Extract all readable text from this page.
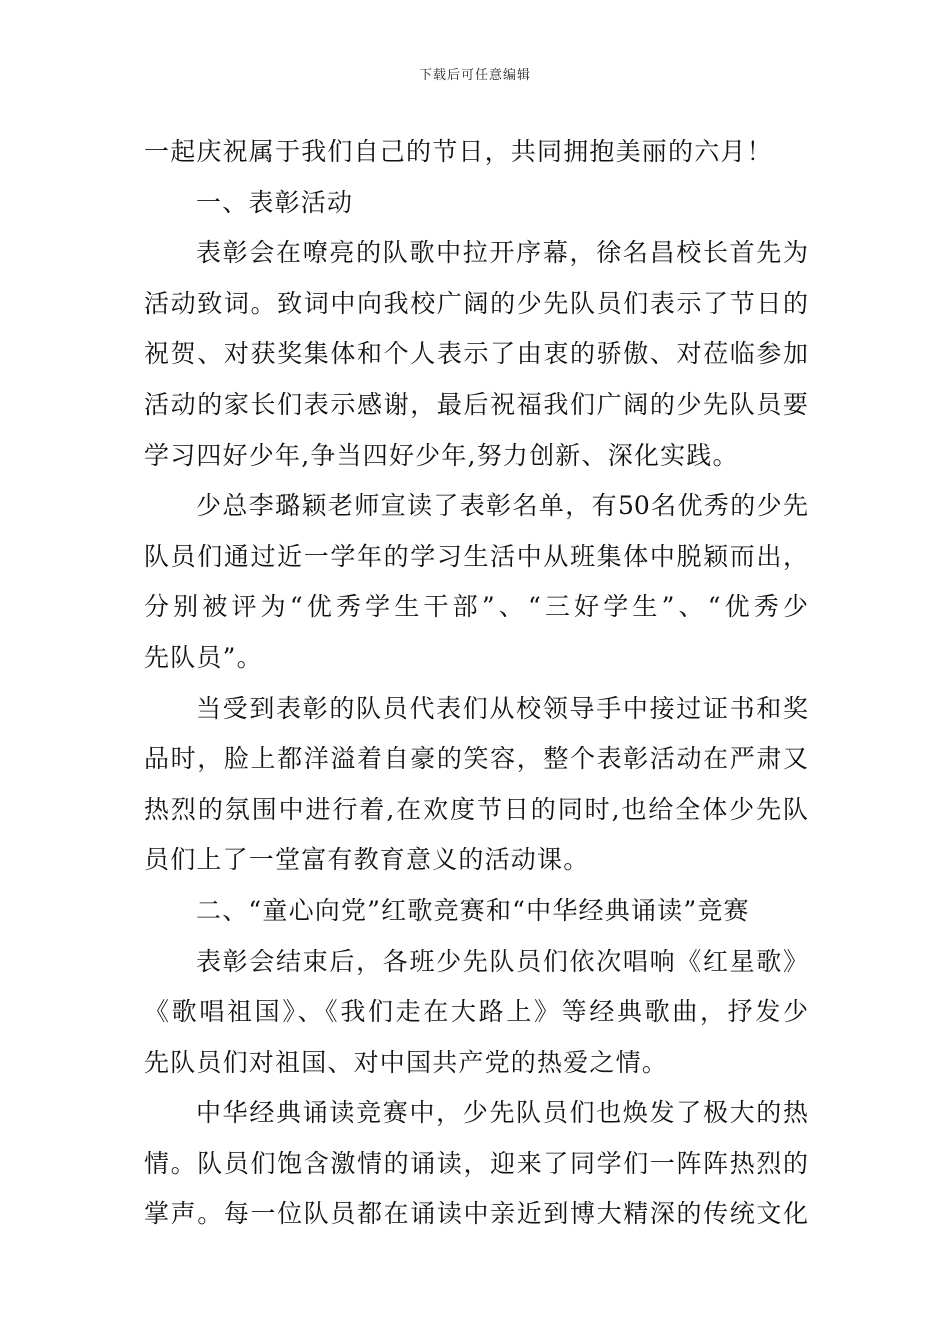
下载后可任意编辑
一起庆祝属于我们自己的节日，共同拥抱美丽的六月！
一、表彰活动
表彰会在嘹亮的队歌中拉开序幕，徐名昌校长首先为
活动致词。致词中向我校广阔的少先队员们表示了节日的
祝贺、对获奖集体和个人表示了由衷的骄傲、对莅临参加
活动的家长们表示感谢，最后祝福我们广阔的少先队员要
学习四好少年,争当四好少年,努力创新、深化实践。
少总李璐颖老师宣读了表彰名单，有50名优秀的少先
队员们通过近一学年的学习生活中从班集体中脱颖而出，
分别被评为“优秀学生干部”、“三好学生”、“优秀少
先队员”。
当受到表彰的队员代表们从校领导手中接过证书和奖
品时，脸上都洋溢着自豪的笑容，整个表彰活动在严肃又
热烈的氛围中进行着,在欢度节日的同时,也给全体少先队
员们上了一堂富有教育意义的活动课。
二、“童心向党”红歌竞赛和“中华经典诵读”竞赛
表彰会结束后，各班少先队员们依次唱响《红星歌》
《歌唱祖国》、《我们走在大路上》等经典歌曲，抒发少
先队员们对祖国、对中国共产党的热爱之情。
中华经典诵读竞赛中，少先队员们也焕发了极大的热
情。队员们饱含激情的诵读，迎来了同学们一阵阵热烈的
掌声。每一位队员都在诵读中亲近到博大精深的传统文化
